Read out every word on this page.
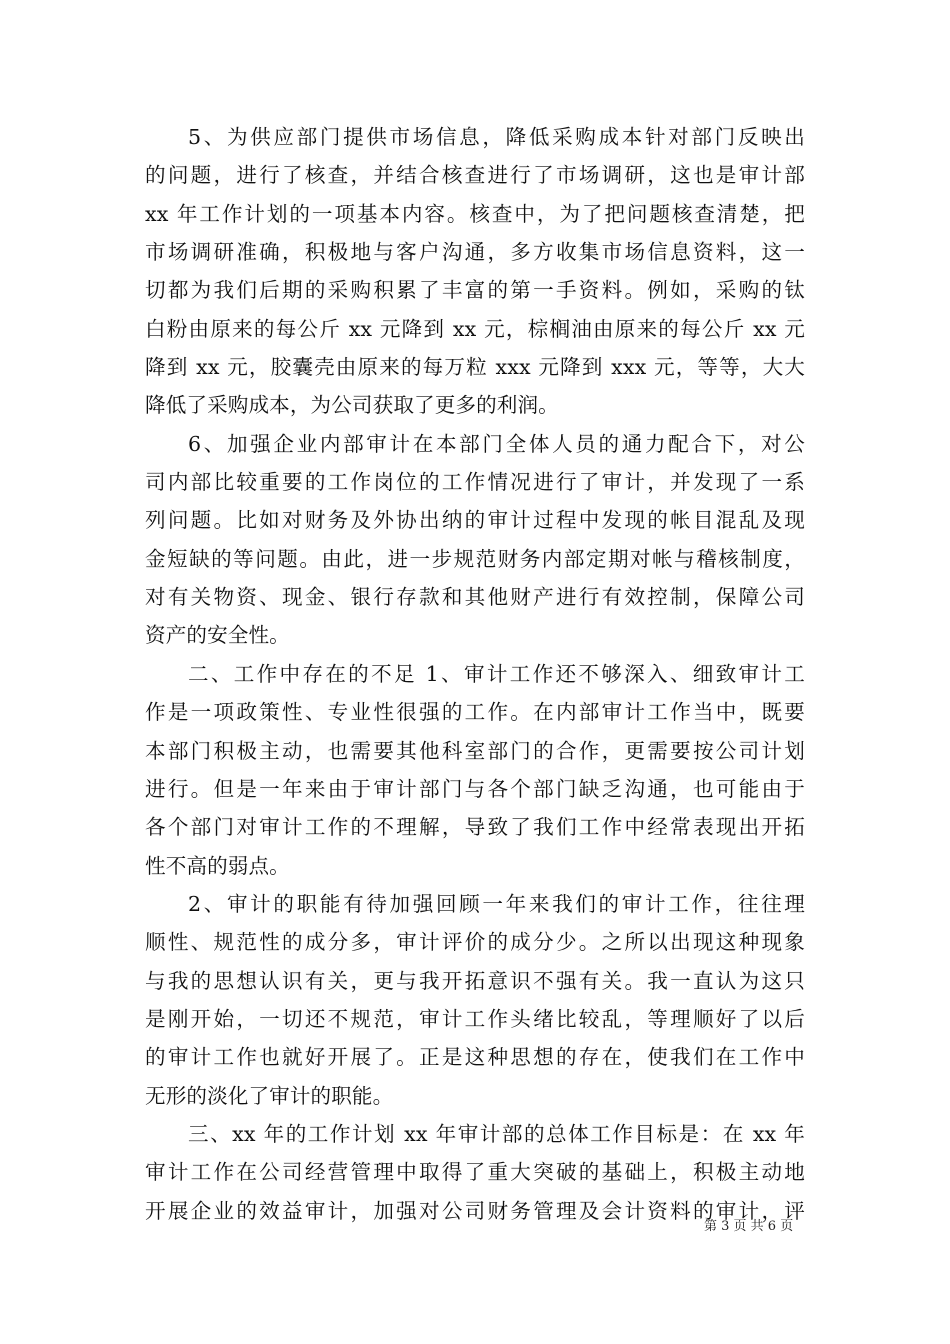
5、为供应部门提供市场信息，降低采购成本针对部门反映出
的问题，进行了核查，并结合核查进行了市场调研，这也是审计部
xx 年工作计划的一项基本内容。核查中，为了把问题核查清楚，把
市场调研准确，积极地与客户沟通，多方收集市场信息资料，这一
切都为我们后期的采购积累了丰富的第一手资料。例如，采购的钛
白粉由原来的每公斤 xx 元降到 xx 元，棕榈油由原来的每公斤 xx 元
降到 xx 元，胶囊壳由原来的每万粒 xxx 元降到 xxx 元，等等，大大
降低了采购成本，为公司获取了更多的利润。
6、加强企业内部审计在本部门全体人员的通力配合下，对公
司内部比较重要的工作岗位的工作情况进行了审计，并发现了一系
列问题。比如对财务及外协出纳的审计过程中发现的帐目混乱及现
金短缺的等问题。由此，进一步规范财务内部定期对帐与稽核制度，
对有关物资、现金、银行存款和其他财产进行有效控制，保障公司
资产的安全性。
二、工作中存在的不足 1、审计工作还不够深入、细致审计工
作是一项政策性、专业性很强的工作。在内部审计工作当中，既要
本部门积极主动，也需要其他科室部门的合作，更需要按公司计划
进行。但是一年来由于审计部门与各个部门缺乏沟通，也可能由于
各个部门对审计工作的不理解，导致了我们工作中经常表现出开拓
性不高的弱点。
2、审计的职能有待加强回顾一年来我们的审计工作，往往理
顺性、规范性的成分多，审计评价的成分少。之所以出现这种现象
与我的思想认识有关，更与我开拓意识不强有关。我一直认为这只
是刚开始，一切还不规范，审计工作头绪比较乱，等理顺好了以后
的审计工作也就好开展了。正是这种思想的存在，使我们在工作中
无形的淡化了审计的职能。
三、xx 年的工作计划 xx 年审计部的总体工作目标是：在 xx 年
审计工作在公司经营管理中取得了重大突破的基础上，积极主动地
开展企业的效益审计，加强对公司财务管理及会计资料的审计，评
第 3 页 共 6 页
